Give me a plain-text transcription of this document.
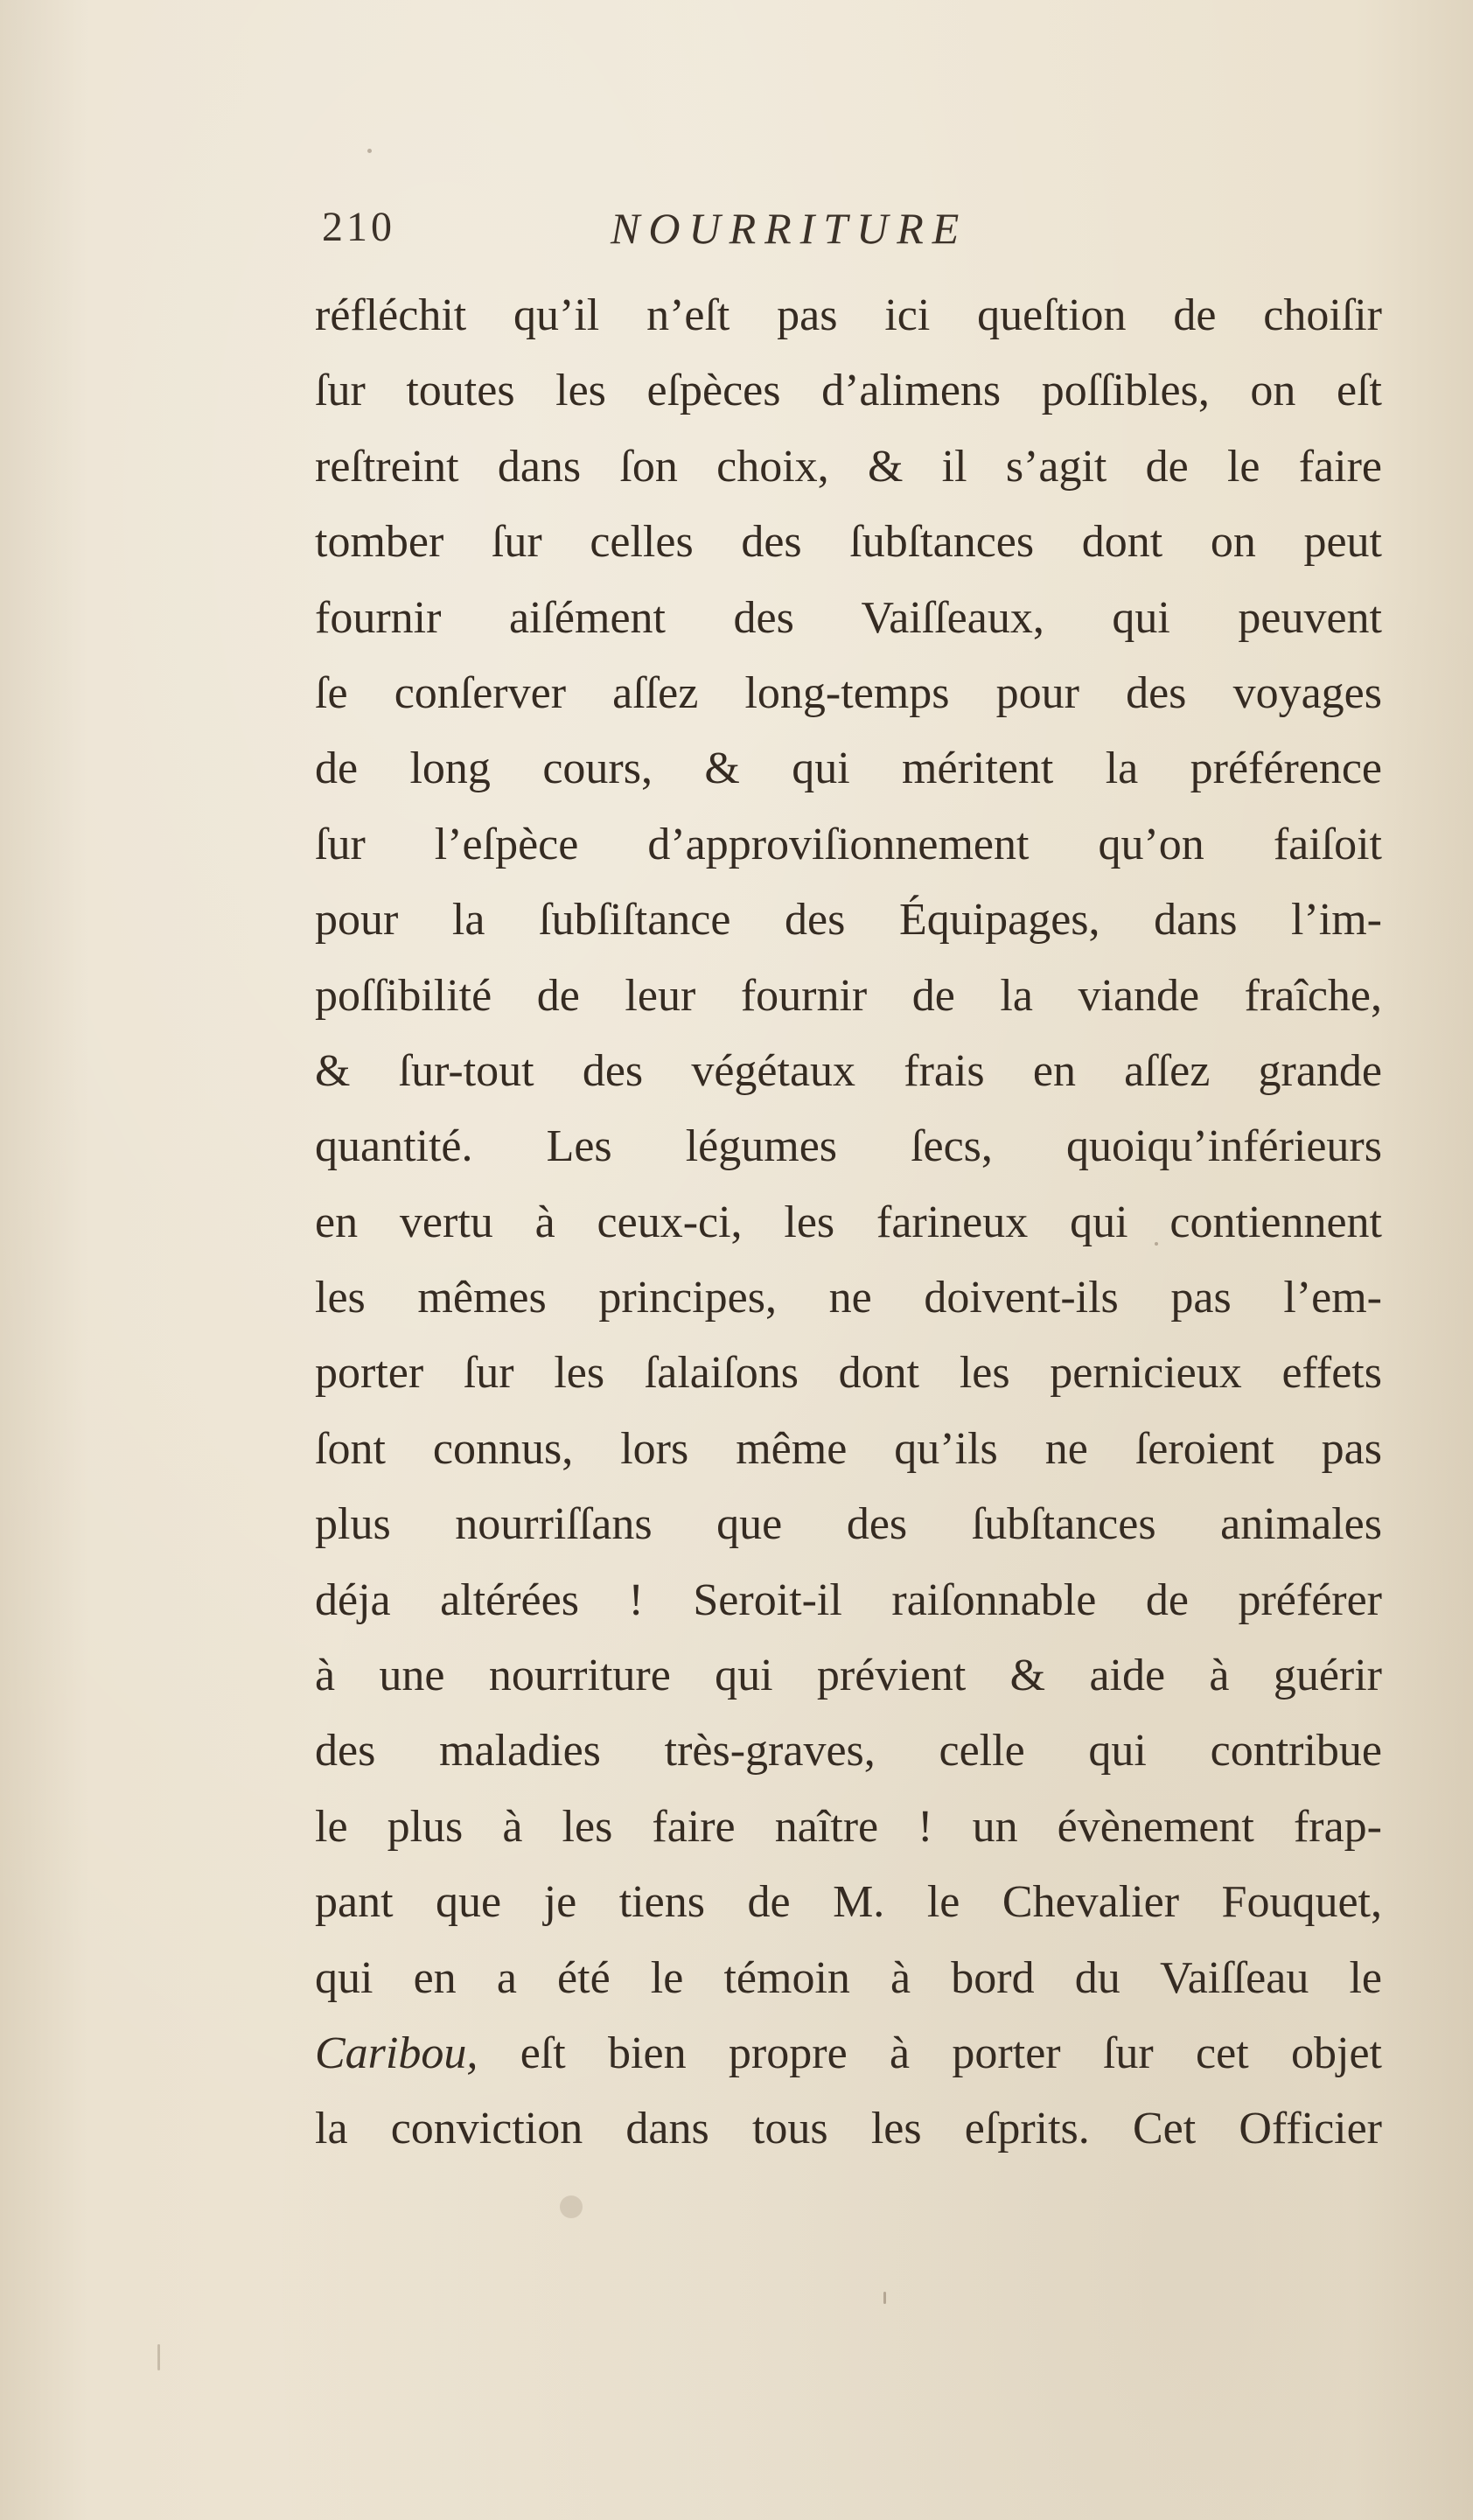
210	NOURRITURE
réfléchit qu’il n’eſt pas ici queſtion de choiſir
ſur toutes les eſpèces d’alimens poſſibles, on eſt
reſtreint dans ſon choix, & il s’agit de le faire
tomber ſur celles des ſubſtances dont on peut
fournir aiſément des Vaiſſeaux, qui peuvent
ſe conſerver aſſez long-temps pour des voyages
de long cours, & qui méritent la préférence
ſur l’eſpèce d’approviſionnement qu’on faiſoit
pour la ſubſiſtance des Équipages, dans l’im-
poſſibilité de leur fournir de la viande fraîche,
& ſur-tout des végétaux frais en aſſez grande
quantité. Les légumes ſecs, quoiqu’inférieurs
en vertu à ceux-ci, les farineux qui contiennent
les mêmes principes, ne doivent-ils pas l’em-
porter ſur les ſalaiſons dont les pernicieux effets
ſont connus, lors même qu’ils ne ſeroient pas
plus nourriſſans que des ſubſtances animales
déja altérées ! Seroit-il raiſonnable de préférer
à une nourriture qui prévient & aide à guérir
des maladies très-graves, celle qui contribue
le plus à les faire naître ! un évènement frap-
pant que je tiens de M. le Chevalier Fouquet,
qui en a été le témoin à bord du Vaiſſeau le
Caribou, eſt bien propre à porter ſur cet objet
la conviction dans tous les eſprits. Cet Officier
